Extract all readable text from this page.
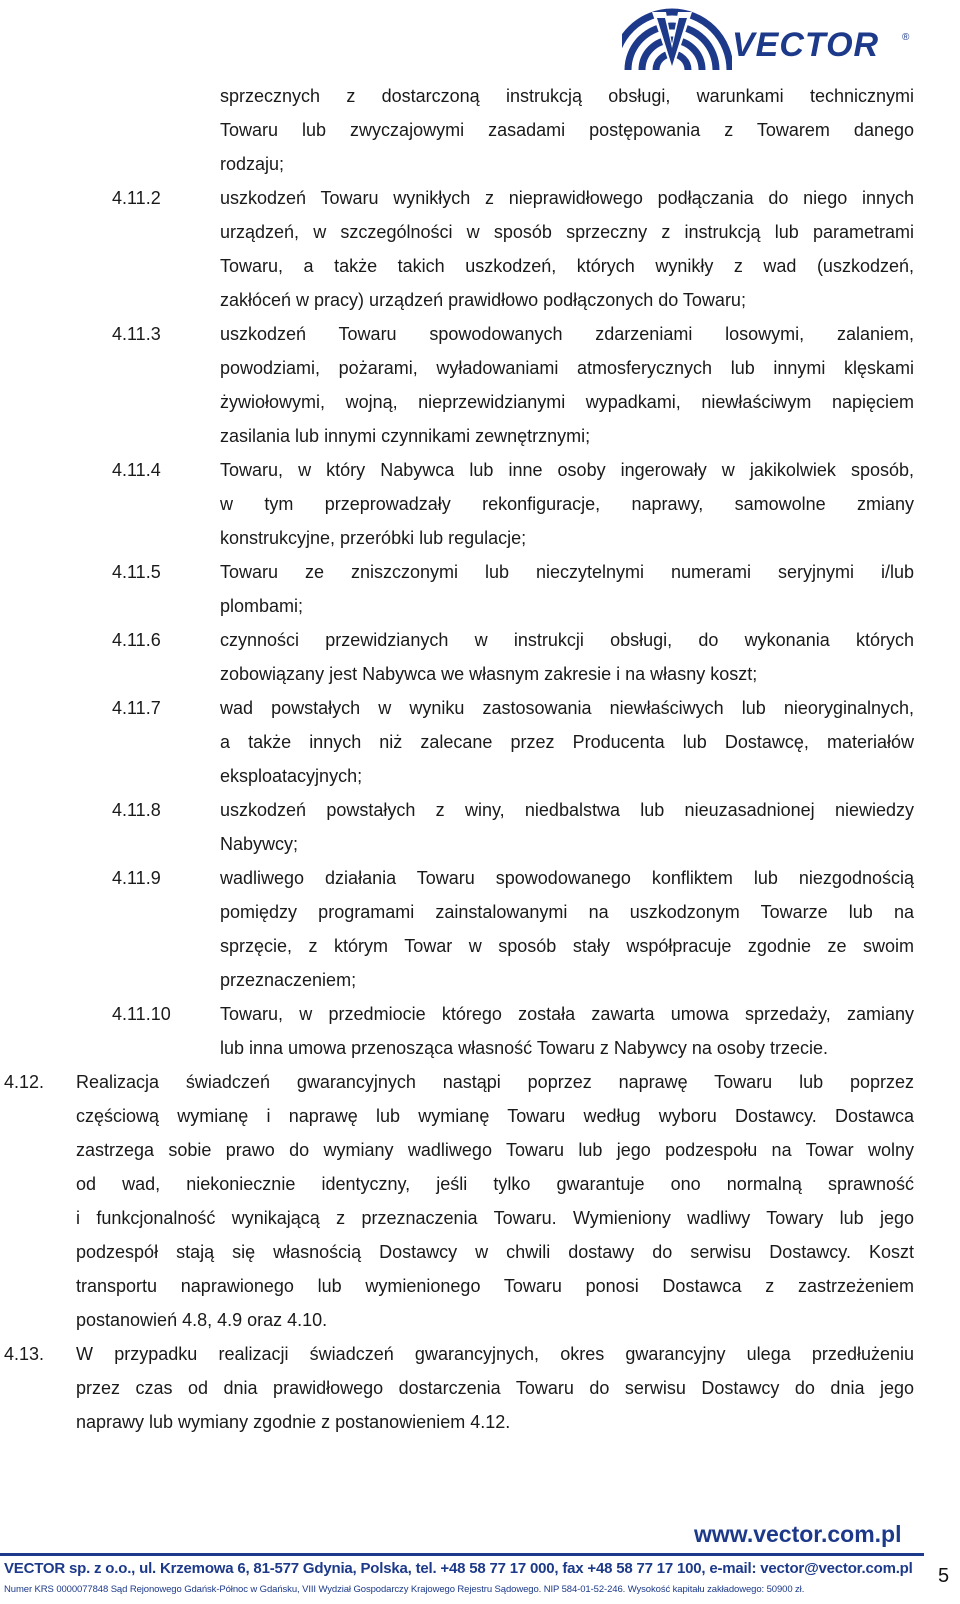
VECTOR ®

sprzecznych z dostarczoną instrukcją obsługi, warunkami technicznymi

Towaru lub zwyczajowymi zasadami postępowania z Towarem danego

rodzaju;

4.11.2	uszkodzeń Towaru wynikłych z nieprawidłowego podłączania do niego innych

urządzeń, w szczególności w sposób sprzeczny z instrukcją lub parametrami

Towaru, a także takich uszkodzeń, których wynikły z wad (uszkodzeń,

zakłóceń w pracy) urządzeń prawidłowo podłączonych do Towaru;

4.11.3	uszkodzeń Towaru spowodowanych zdarzeniami losowymi, zalaniem,

powodziami, pożarami, wyładowaniami atmosferycznych lub innymi klęskami

żywiołowymi, wojną, nieprzewidzianymi wypadkami, niewłaściwym napięciem

zasilania lub innymi czynnikami zewnętrznymi;

4.11.4	Towaru, w który Nabywca lub inne osoby ingerowały w jakikolwiek sposób,

w tym przeprowadzały rekonfiguracje, naprawy, samowolne zmiany

konstrukcyjne, przeróbki lub regulacje;

4.11.5	Towaru ze zniszczonymi lub nieczytelnymi numerami seryjnymi i/lub

plombami;

4.11.6	czynności przewidzianych w instrukcji obsługi, do wykonania których

zobowiązany jest Nabywca we własnym zakresie i na własny koszt;

4.11.7	wad powstałych w wyniku zastosowania niewłaściwych lub nieoryginalnych,

a także innych niż zalecane przez Producenta lub Dostawcę, materiałów

eksploatacyjnych;

4.11.8	uszkodzeń powstałych z winy, niedbalstwa lub nieuzasadnionej niewiedzy

Nabywcy;

4.11.9	wadliwego działania Towaru spowodowanego konfliktem lub niezgodnością

pomiędzy programami zainstalowanymi na uszkodzonym Towarze lub na

sprzęcie, z którym Towar w sposób stały współpracuje zgodnie ze swoim

przeznaczeniem;

4.11.10	Towaru, w przedmiocie którego została zawarta umowa sprzedaży, zamiany

lub inna umowa przenosząca własność Towaru z Nabywcy na osoby trzecie.

4.12. Realizacja świadczeń gwarancyjnych nastąpi poprzez naprawę Towaru lub poprzez

częściową wymianę i naprawę lub wymianę Towaru według wyboru Dostawcy. Dostawca

zastrzega sobie prawo do wymiany wadliwego Towaru lub jego podzespołu na Towar wolny

od wad, niekoniecznie identyczny, jeśli tylko gwarantuje ono normalną sprawność

i funkcjonalność wynikającą z przeznaczenia Towaru. Wymieniony wadliwy Towary lub jego

podzespół stają się własnością Dostawcy w chwili dostawy do serwisu Dostawcy. Koszt

transportu naprawionego lub wymienionego Towaru ponosi Dostawca z zastrzeżeniem

postanowień 4.8, 4.9 oraz 4.10.

4.13. W przypadku realizacji świadczeń gwarancyjnych, okres gwarancyjny ulega przedłużeniu

przez czas od dnia prawidłowego dostarczenia Towaru do serwisu Dostawcy do dnia jego

naprawy lub wymiany zgodnie z postanowieniem 4.12.

www.vector.com.pl
VECTOR sp. z o.o., ul. Krzemowa 6, 81-577 Gdynia, Polska, tel. +48 58 77 17 000, fax +48 58 77 17 100, e-mail: vector@vector.com.pl
Numer KRS 0000077848 Sąd Rejonowego Gdańsk-Północ w Gdańsku, VIII Wydział Gospodarczy Krajowego Rejestru Sądowego. NIP 584-01-52-246. Wysokość kapitału zakładowego: 50900 zł.
5
